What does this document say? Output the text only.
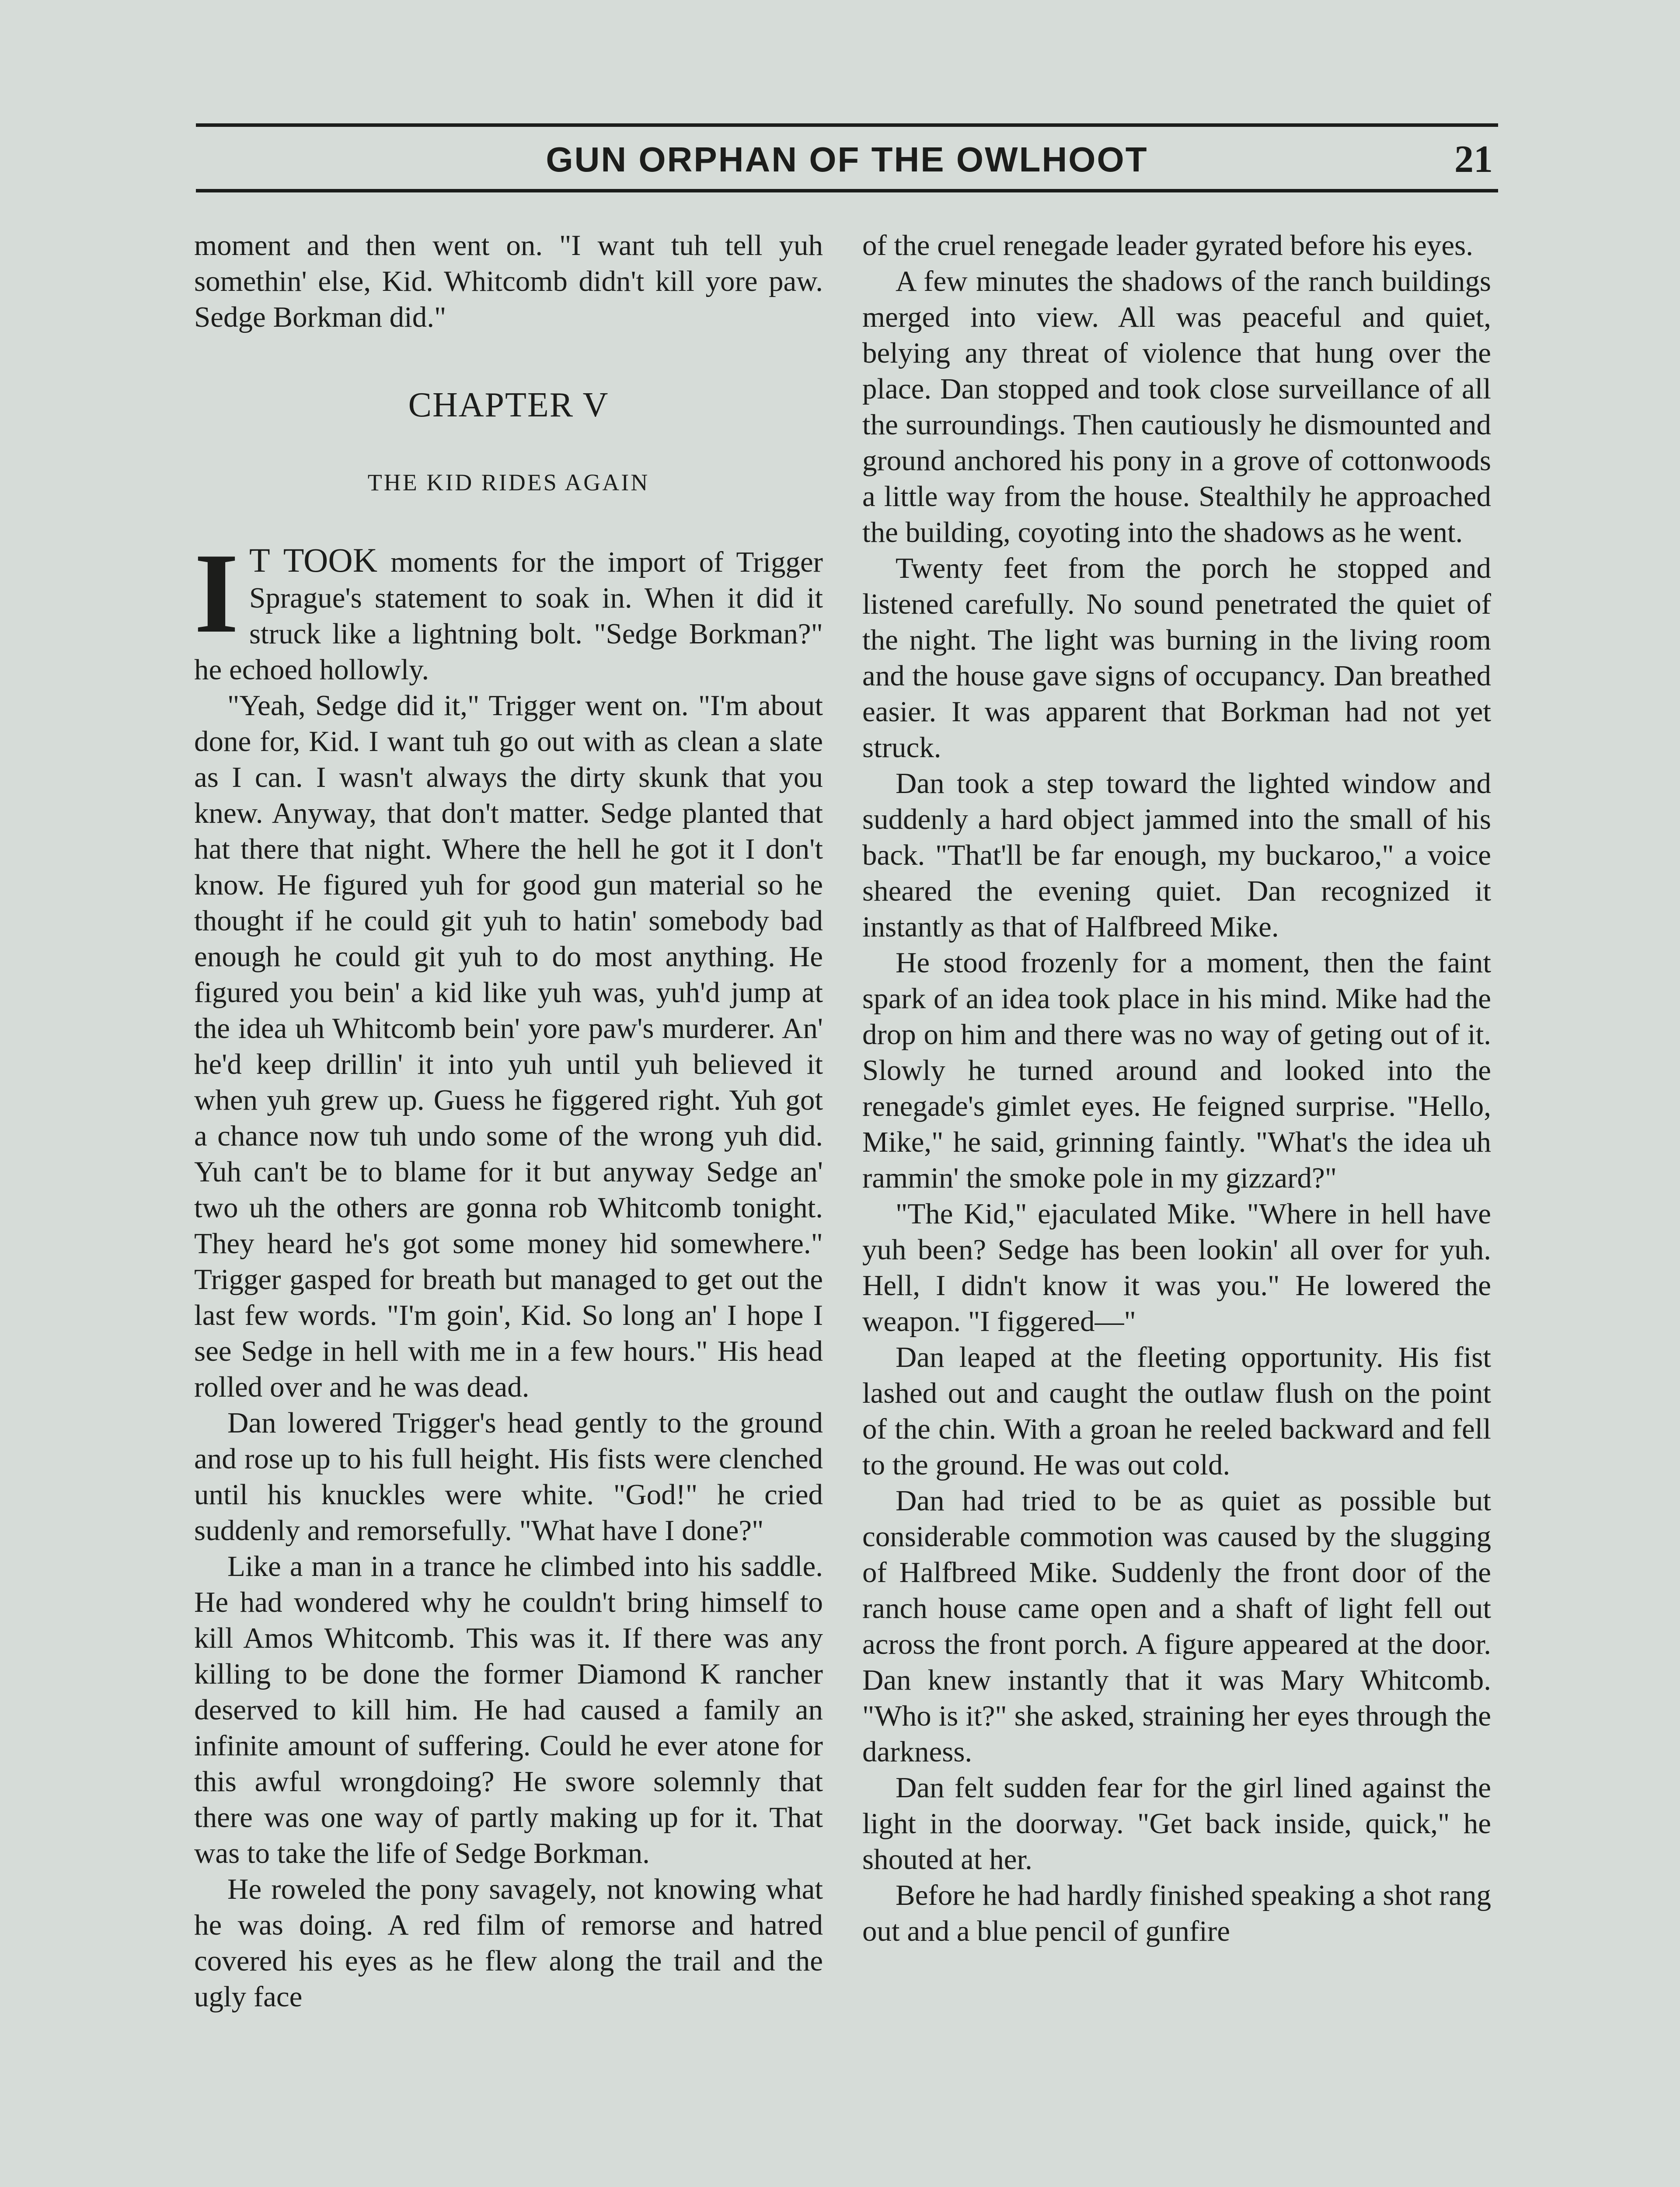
GUN ORPHAN OF THE OWLHOOT	21

moment and then went on. "I want tuh tell yuh somethin' else, Kid. Whitcomb didn't kill yore paw. Sedge Borkman did."

CHAPTER V
THE KID RIDES AGAIN

I T TOOK moments for the import of Trigger Sprague's statement to soak in. When it did it struck like a lightning bolt. "Sedge Borkman?" he echoed hollowly.

"Yeah, Sedge did it," Trigger went on. "I'm about done for, Kid. I want tuh go out with as clean a slate as I can. I wasn't always the dirty skunk that you knew. Anyway, that don't matter. Sedge planted that hat there that night. Where the hell he got it I don't know. He figured yuh for good gun material so he thought if he could git yuh to hatin' somebody bad enough he could git yuh to do most anything. He figured you bein' a kid like yuh was, yuh'd jump at the idea uh Whitcomb bein' yore paw's murderer. An' he'd keep drillin' it into yuh until yuh believed it when yuh grew up. Guess he figgered right. Yuh got a chance now tuh undo some of the wrong yuh did. Yuh can't be to blame for it but anyway Sedge an' two uh the others are gonna rob Whitcomb tonight. They heard he's got some money hid somewhere." Trigger gasped for breath but managed to get out the last few words. "I'm goin', Kid. So long an' I hope I see Sedge in hell with me in a few hours." His head rolled over and he was dead.

Dan lowered Trigger's head gently to the ground and rose up to his full height. His fists were clenched until his knuckles were white. "God!" he cried suddenly and remorsefully. "What have I done?"

Like a man in a trance he climbed into his saddle. He had wondered why he couldn't bring himself to kill Amos Whitcomb. This was it. If there was any killing to be done the former Diamond K rancher deserved to kill him. He had caused a family an infinite amount of suffering. Could he ever atone for this awful wrongdoing? He swore solemnly that there was one way of partly making up for it. That was to take the life of Sedge Borkman.

He roweled the pony savagely, not knowing what he was doing. A red film of remorse and hatred covered his eyes as he flew along the trail and the ugly face

of the cruel renegade leader gyrated before his eyes.

A few minutes the shadows of the ranch buildings merged into view. All was peaceful and quiet, belying any threat of violence that hung over the place. Dan stopped and took close surveillance of all the surroundings. Then cautiously he dismounted and ground anchored his pony in a grove of cottonwoods a little way from the house. Stealthily he approached the building, coyoting into the shadows as he went.

Twenty feet from the porch he stopped and listened carefully. No sound penetrated the quiet of the night. The light was burning in the living room and the house gave signs of occupancy. Dan breathed easier. It was apparent that Borkman had not yet struck.

Dan took a step toward the lighted window and suddenly a hard object jammed into the small of his back. "That'll be far enough, my buckaroo," a voice sheared the evening quiet. Dan recognized it instantly as that of Halfbreed Mike.

He stood frozenly for a moment, then the faint spark of an idea took place in his mind. Mike had the drop on him and there was no way of geting out of it. Slowly he turned around and looked into the renegade's gimlet eyes. He feigned surprise. "Hello, Mike," he said, grinning faintly. "What's the idea uh rammin' the smoke pole in my gizzard?"

"The Kid," ejaculated Mike. "Where in hell have yuh been? Sedge has been lookin' all over for yuh. Hell, I didn't know it was you." He lowered the weapon. "I figgered—"

Dan leaped at the fleeting opportunity. His fist lashed out and caught the outlaw flush on the point of the chin. With a groan he reeled backward and fell to the ground. He was out cold.

Dan had tried to be as quiet as possible but considerable commotion was caused by the slugging of Halfbreed Mike. Suddenly the front door of the ranch house came open and a shaft of light fell out across the front porch. A figure appeared at the door. Dan knew instantly that it was Mary Whitcomb. "Who is it?" she asked, straining her eyes through the darkness.

Dan felt sudden fear for the girl lined against the light in the doorway. "Get back inside, quick," he shouted at her.

Before he had hardly finished speaking a shot rang out and a blue pencil of gunfire
